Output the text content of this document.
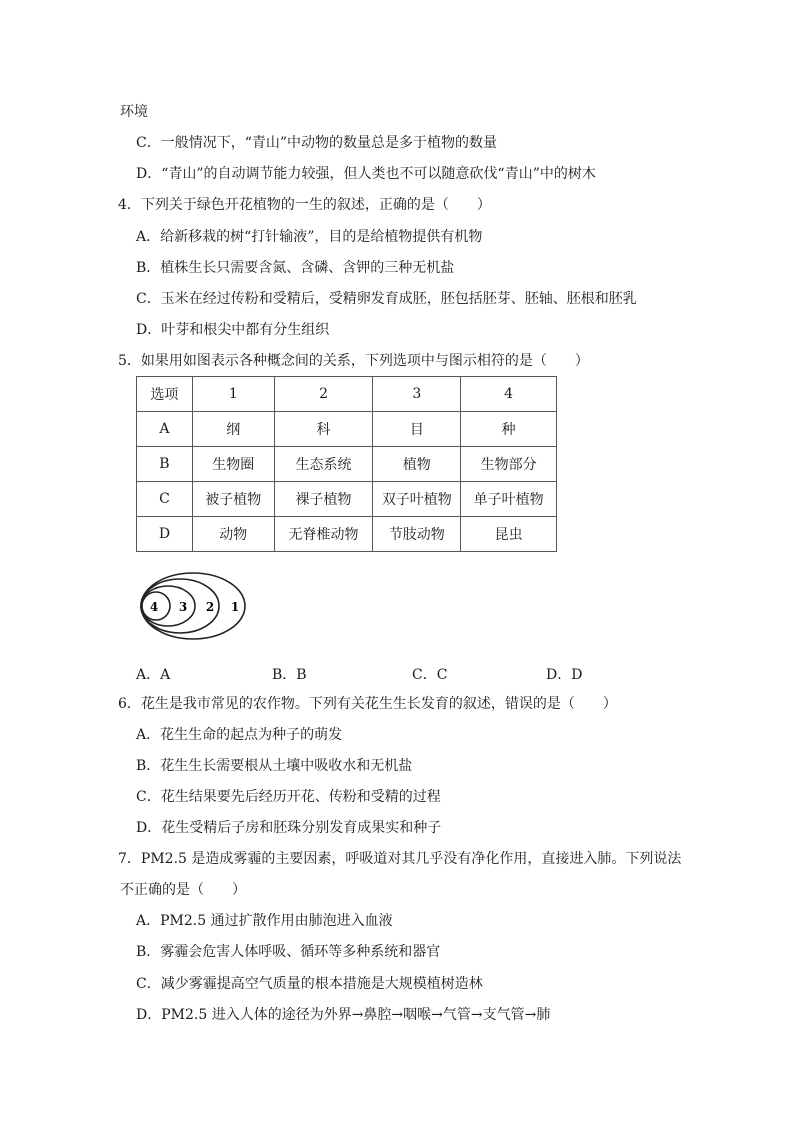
环境
C．一般情况下，“青山”中动物的数量总是多于植物的数量
D．“青山”的自动调节能力较强，但人类也不可以随意砍伐“青山”中的树木
4．下列关于绿色开花植物的一生的叙述，正确的是（　　）
A．给新移栽的树“打针输液”，目的是给植物提供有机物
B．植株生长只需要含氮、含磷、含钾的三种无机盐
C．玉米在经过传粉和受精后，受精卵发育成胚，胚包括胚芽、胚轴、胚根和胚乳
D．叶芽和根尖中都有分生组织
5．如果用如图表示各种概念间的关系，下列选项中与图示相符的是（　　）
选项	1	2	3	4
A	纲	科	目	种
B	生物圈	生态系统	植物	生物部分
C	被子植物	裸子植物	双子叶植物	单子叶植物
D	动物	无脊椎动物	节肢动物	昆虫
4 3 2 1
A．A	B．B	C．C	D．D
6．花生是我市常见的农作物。下列有关花生生长发育的叙述，错误的是（　　）
A．花生生命的起点为种子的萌发
B．花生生长需要根从土壤中吸收水和无机盐
C．花生结果要先后经历开花、传粉和受精的过程
D．花生受精后子房和胚珠分别发育成果实和种子
7．PM2.5 是造成雾霾的主要因素，呼吸道对其几乎没有净化作用，直接进入肺。下列说法
不正确的是（　　）
A．PM2.5 通过扩散作用由肺泡进入血液
B．雾霾会危害人体呼吸、循环等多种系统和器官
C．减少雾霾提高空气质量的根本措施是大规模植树造林
D．PM2.5 进入人体的途径为外界→鼻腔→咽喉→气管→支气管→肺
